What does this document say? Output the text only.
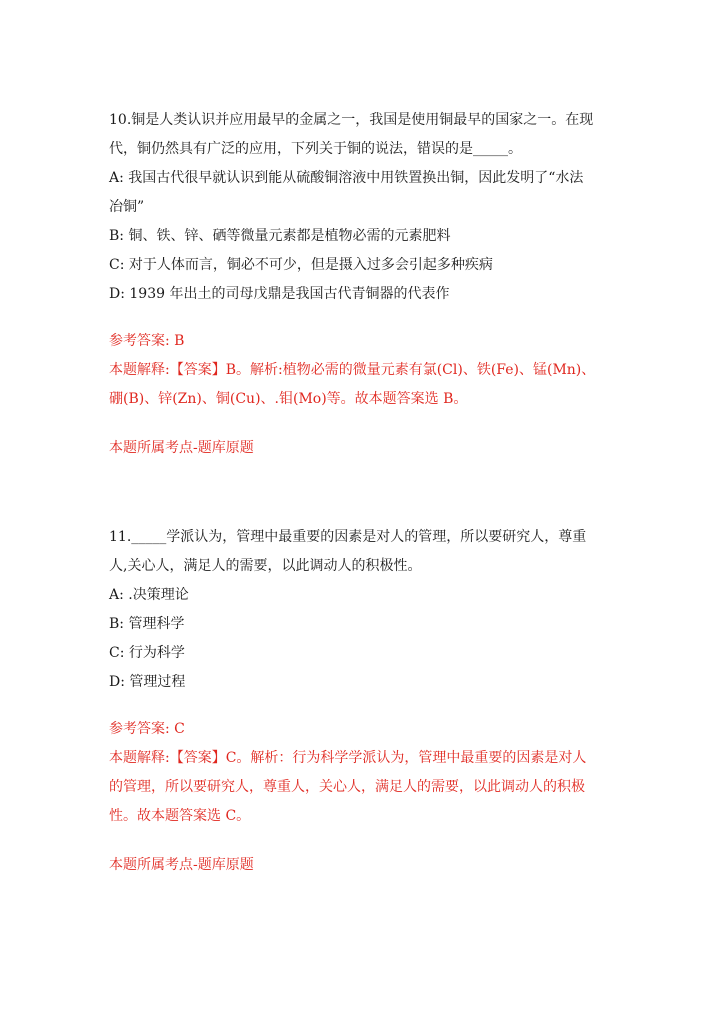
10.铜是人类认识并应用最早的金属之一，我国是使用铜最早的国家之一。在现
代，铜仍然具有广泛的应用，下列关于铜的说法，错误的是_____。
A: 我国古代很早就认识到能从硫酸铜溶液中用铁置换出铜，因此发明了“水法
冶铜”
B: 铜、铁、锌、硒等微量元素都是植物必需的元素肥料
C: 对于人体而言，铜必不可少，但是摄入过多会引起多种疾病
D: 1939 年出土的司母戊鼎是我国古代青铜器的代表作
参考答案: B
本题解释:【答案】B。解析:植物必需的微量元素有氯(Cl)、铁(Fe)、锰(Mn)、
硼(B)、锌(Zn)、铜(Cu)、.钼(Mo)等。故本题答案选 B。
本题所属考点-题库原题
11._____学派认为，管理中最重要的因素是对人的管理，所以要研究人，尊重
人,关心人，满足人的需要，以此调动人的积极性。
A: .决策理论
B: 管理科学
C: 行为科学
D: 管理过程
参考答案: C
本题解释:【答案】C。解析：行为科学学派认为，管理中最重要的因素是对人
的管理，所以要研究人，尊重人，关心人，满足人的需要，以此调动人的积极
性。故本题答案选 C。
本题所属考点-题库原题
